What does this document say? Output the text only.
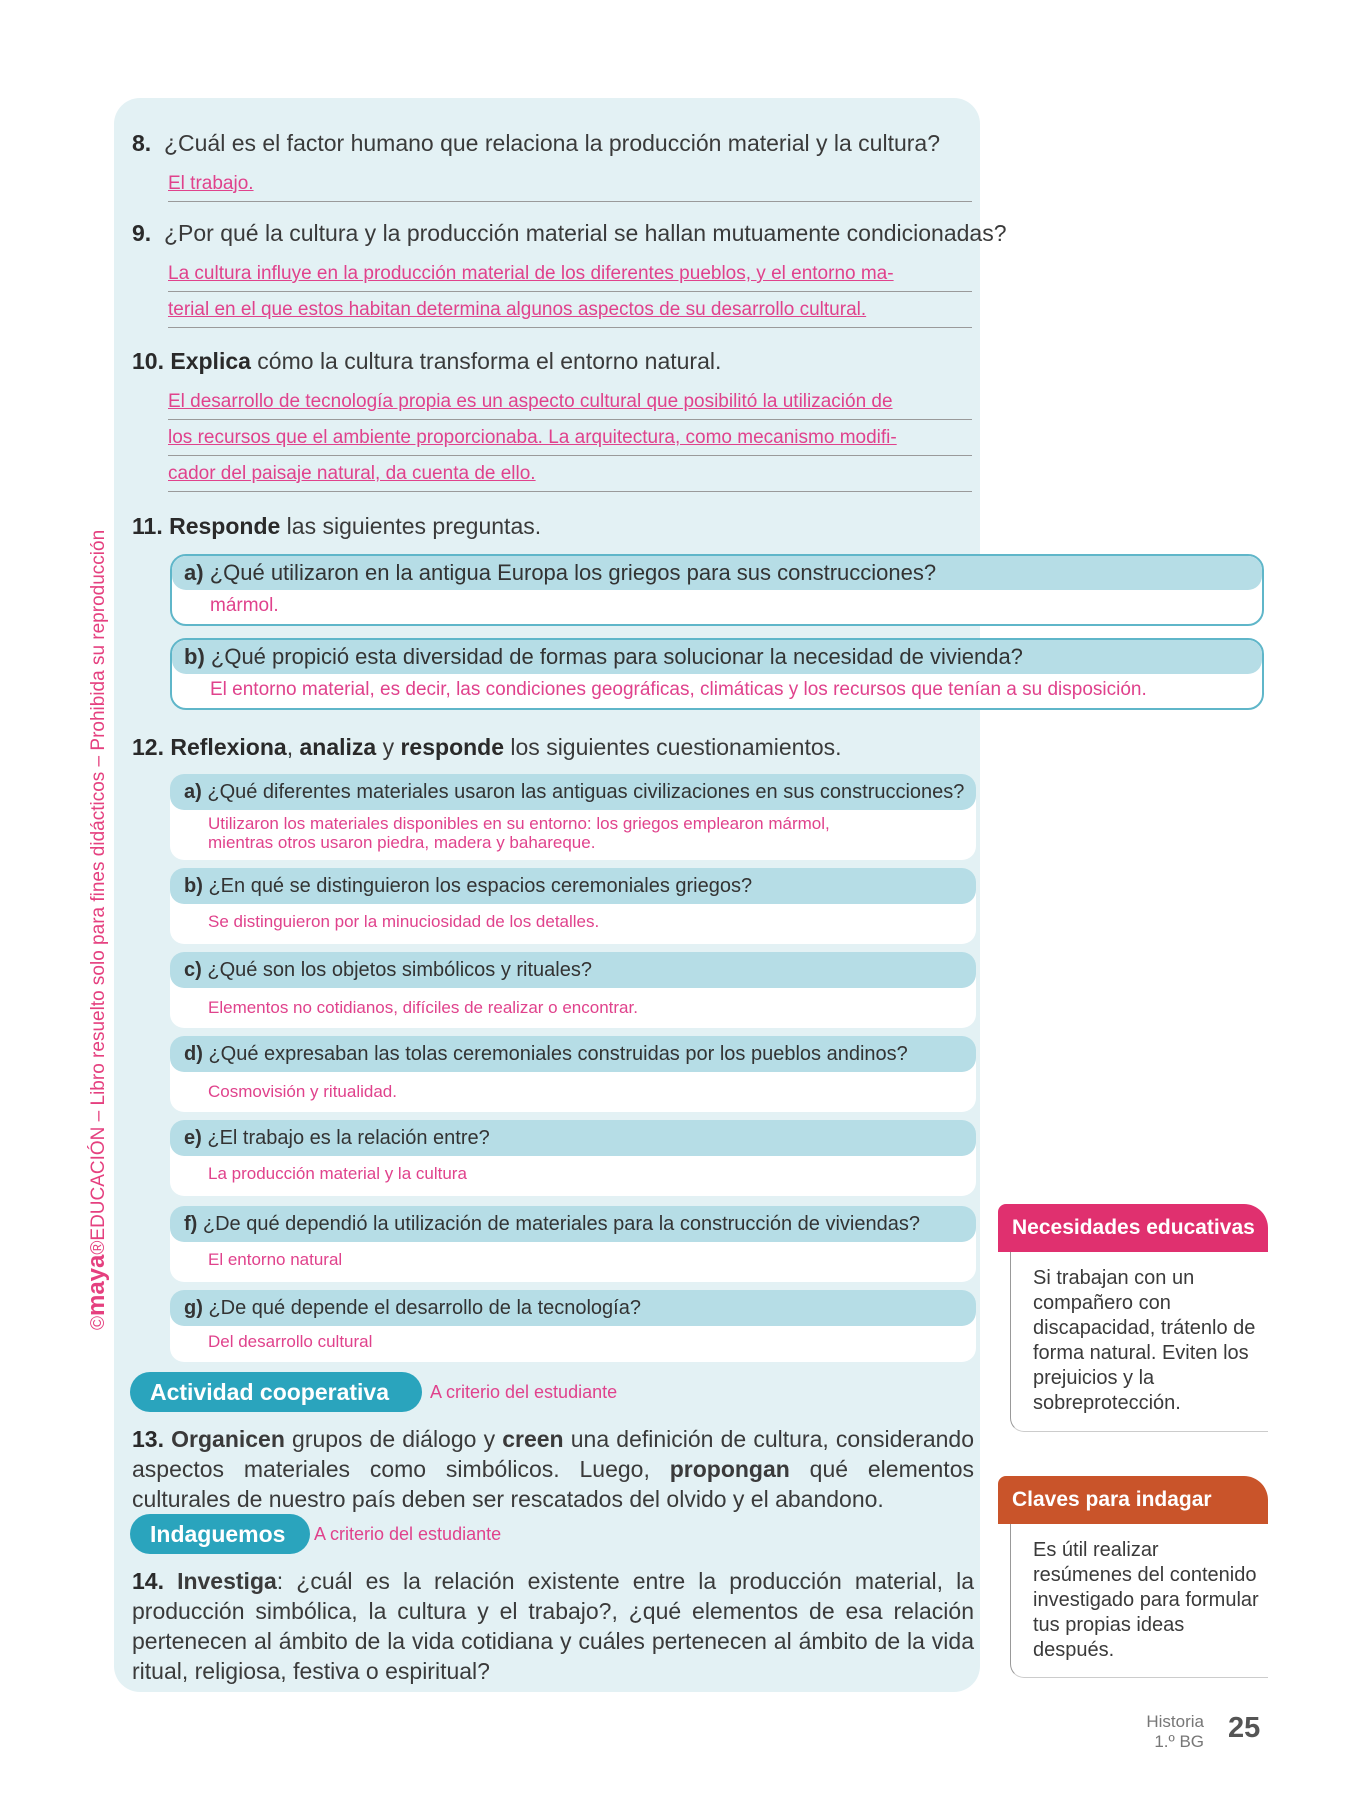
©maya®EDUCACIÓN – Libro resuelto solo para fines didácticos – Prohibida su reproducción
8. ¿Cuál es el factor humano que relaciona la producción material y la cultura?
El trabajo.
9. ¿Por qué la cultura y la producción material se hallan mutuamente condicionadas?
La cultura influye en la producción material de los diferentes pueblos, y el entorno ma-
terial en el que estos habitan determina algunos aspectos de su desarrollo cultural.
10. Explica cómo la cultura transforma el entorno natural.
El desarrollo de tecnología propia es un aspecto cultural que posibilitó la utilización de
los recursos que el ambiente proporcionaba. La arquitectura, como mecanismo modifi-
cador del paisaje natural, da cuenta de ello.
11. Responde las siguientes preguntas.
a) ¿Qué utilizaron en la antigua Europa los griegos para sus construcciones?
mármol.
b) ¿Qué propició esta diversidad de formas para solucionar la necesidad de vivienda?
El entorno material, es decir, las condiciones geográficas, climáticas y los recursos que tenían a su disposición.
12. Reflexiona, analiza y responde los siguientes cuestionamientos.
a) ¿Qué diferentes materiales usaron las antiguas civilizaciones en sus construcciones?
Utilizaron los materiales disponibles en su entorno: los griegos emplearon mármol,
mientras otros usaron piedra, madera y bahareque.
b) ¿En qué se distinguieron los espacios ceremoniales griegos?
Se distinguieron por la minuciosidad de los detalles.
c) ¿Qué son los objetos simbólicos y rituales?
Elementos no cotidianos, difíciles de realizar o encontrar.
d) ¿Qué expresaban las tolas ceremoniales construidas por los pueblos andinos?
Cosmovisión y ritualidad.
e) ¿El trabajo es la relación entre?
La producción material y la cultura
f) ¿De qué dependió la utilización de materiales para la construcción de viviendas?
El entorno natural
g) ¿De qué depende el desarrollo de la tecnología?
Del desarrollo cultural
Actividad cooperativa	A criterio del estudiante
13. Organicen grupos de diálogo y creen una definición de cultura, considerando aspectos materiales como simbólicos. Luego, propongan qué elementos culturales de nuestro país deben ser rescatados del olvido y el abandono.
Indaguemos	A criterio del estudiante
14. Investiga: ¿cuál es la relación existente entre la producción material, la producción simbólica, la cultura y el trabajo?, ¿qué elementos de esa relación pertenecen al ámbito de la vida cotidiana y cuáles pertenecen al ámbito de la vida ritual, religiosa, festiva o espiritual?
Necesidades educativas
Si trabajan con un compañero con discapacidad, trátenlo de forma natural. Eviten los prejuicios y la sobreprotección.
Claves para indagar
Es útil realizar resúmenes del contenido investigado para formular tus propias ideas después.
Historia
1.º BG 25
